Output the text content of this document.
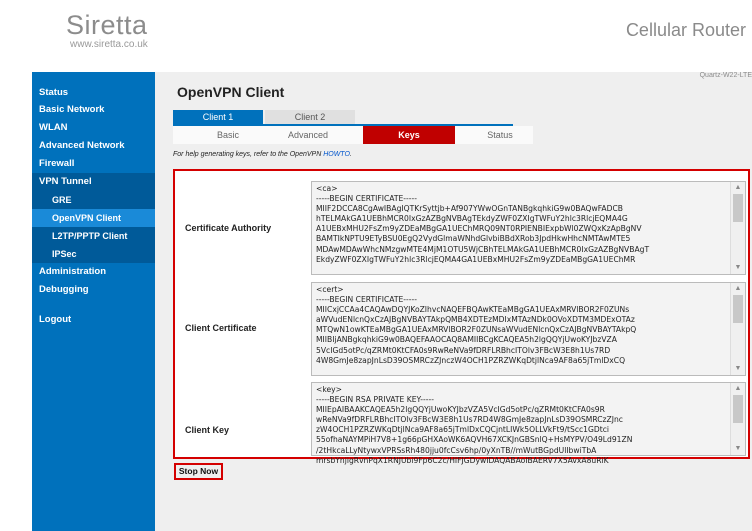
Siretta
www.siretta.co.uk
Cellular Router
Status
Basic Network
WLAN
Advanced Network
Firewall
VPN Tunnel
GRE
OpenVPN Client
L2TP/PPTP Client
IPSec
Administration
Debugging
Logout
Quartz-W22-LTE
OpenVPN Client
Client 1	Client 2
Basic	Advanced	Keys	Status
For help generating keys, refer to the OpenVPN HOWTO.
Certificate Authority
<ca>
-----BEGIN CERTIFICATE-----
MIIF2DCCA8CgAwIBAgIQTKrSyttjb+Af907YWwOGnTANBgkqhkiG9w0BAQwFADCB
hTELMAkGA1UEBhMCR0IxGzAZBgNVBAgTEkdyZWF0ZXIgTWFuY2hlc3RlcjEQMA4G
A1UEBxMHU2FsZm9yZDEaMBgGA1UEChMRQ09NT0RPIENBIExpbWl0ZWQxKzApBgNV
BAMTIkNPTU9ETyBSU0EgQ2VydGlmaWNhdGlvbiBBdXRob3JpdHkwHhcNMTAwMTE5
MDAwMDAwWhcNMzgwMTE4MjM1OTU5WjCBhTELMAkGA1UEBhMCR0IxGzAZBgNVBAgT
EkdyZWF0ZXIgTWFuY2hlc3RlcjEQMA4GA1UEBxMHU2FsZm9yZDEaMBgGA1UEChMR
▲
▼
Client Certificate
<cert>
-----BEGIN CERTIFICATE-----
MIICxjCCAa4CAQAwDQYJKoZIhvcNAQEFBQAwKTEaMBgGA1UEAxMRVlBOR2F0ZUNs
aWVudENlcnQxCzAJBgNVBAYTAkpQMB4XDTEzMDIxMTAzNDk0OVoXDTM3MDExOTAz
MTQwN1owKTEaMBgGA1UEAxMRVlBOR2F0ZUNsaWVudENlcnQxCzAJBgNVBAYTAkpQ
MIIBIjANBgkqhkiG9w0BAQEFAAOCAQ8AMIIBCgKCAQEA5h2lgQQYjUwoKYJbzVZA
5VcIGd5otPc/qZRMt0KtCFA0s9RwReNVa9fDRFLRBhcITOlv3FBcW3E8h1Us7RD
4W8GmJe8zapJnLsD39OSMRCzZJnczW4OCH1PZRZWKqDtjlNca9AF8a65jTmlDxCQ
▲
▼
Client Key
<key>
-----BEGIN RSA PRIVATE KEY-----
MIIEpAIBAAKCAQEA5h2lgQQYjUwoKYJbzVZA5VcIGd5otPc/qZRMt0KtCFA0s9R
wReNVa9fDRFLRBhcITOlv3FBcW3E8h1Us7RD4W8GmJe8zapJnLsD39OSMRCzZJnc
zW4OCH1PZRZWKqDtjlNca9AF8a65jTmlDxCQCjntLIWk5OLLVkFt9/tScc1GDtci
55ofhaNAYMPiH7V8+1g66pGHXAoWK6AQVH67XCKJnGBSnlQ+HsMYPV/O49Ld91ZN
/2tHkcaLLyNtywxVPRSsRh480jju0fcCsv6hp/0yXnTB//mWutBGpdUlIbwiTbA
mrsbYnjigRvnPqX1RNJUbi9Fp6C2c/HIFJGDywIDAQABAoIBAERV7X5AvxA8uRiK
▲
▼
Stop Now
